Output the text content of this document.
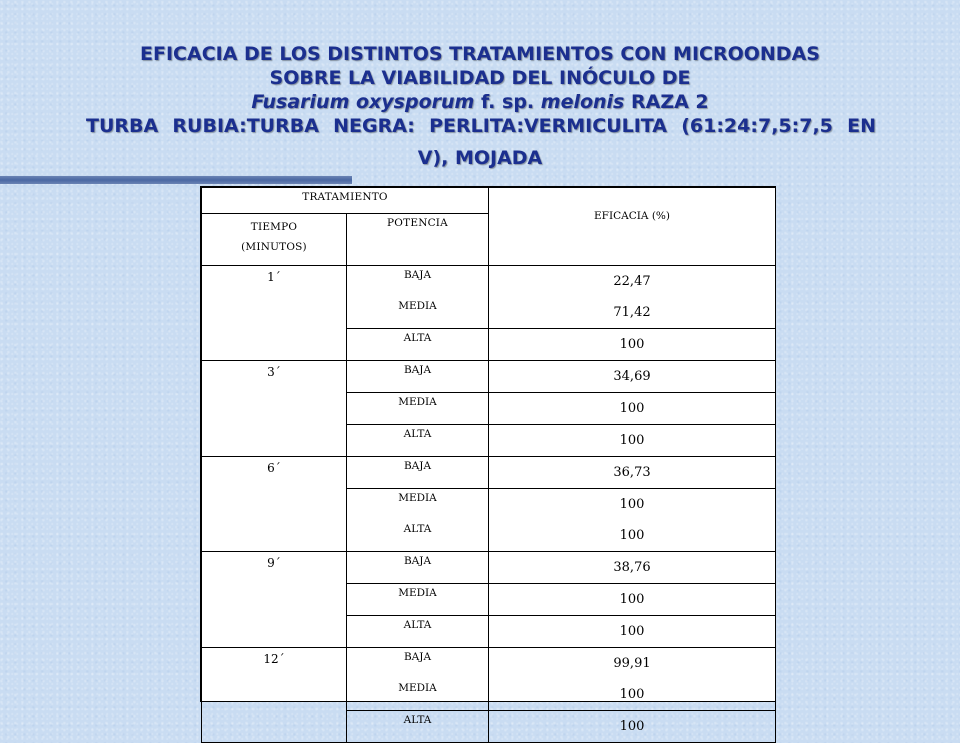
EFICACIA DE LOS DISTINTOS TRATAMIENTOS CON MICROONDAS
SOBRE LA VIABILIDAD DEL INÓCULO DE
Fusarium oxysporum f. sp. melonis RAZA 2
TURBA RUBIA:TURBA NEGRA: PERLITA:VERMICULITA (61:24:7,5:7,5 EN
V), MOJADA
TRATAMIENTO		EFICACIA (%)

TIEMPO
(MINUTOS)	POTENCIA	
1´	BAJA	22,47
	MEDIA	71,42
	ALTA	100
3´	BAJA	34,69
	MEDIA	100
	ALTA	100
6´	BAJA	36,73
	MEDIA	100
	ALTA	100
9´	BAJA	38,76
	MEDIA	100
	ALTA	100
12´	BAJA	99,91
	MEDIA	100
	ALTA	100
